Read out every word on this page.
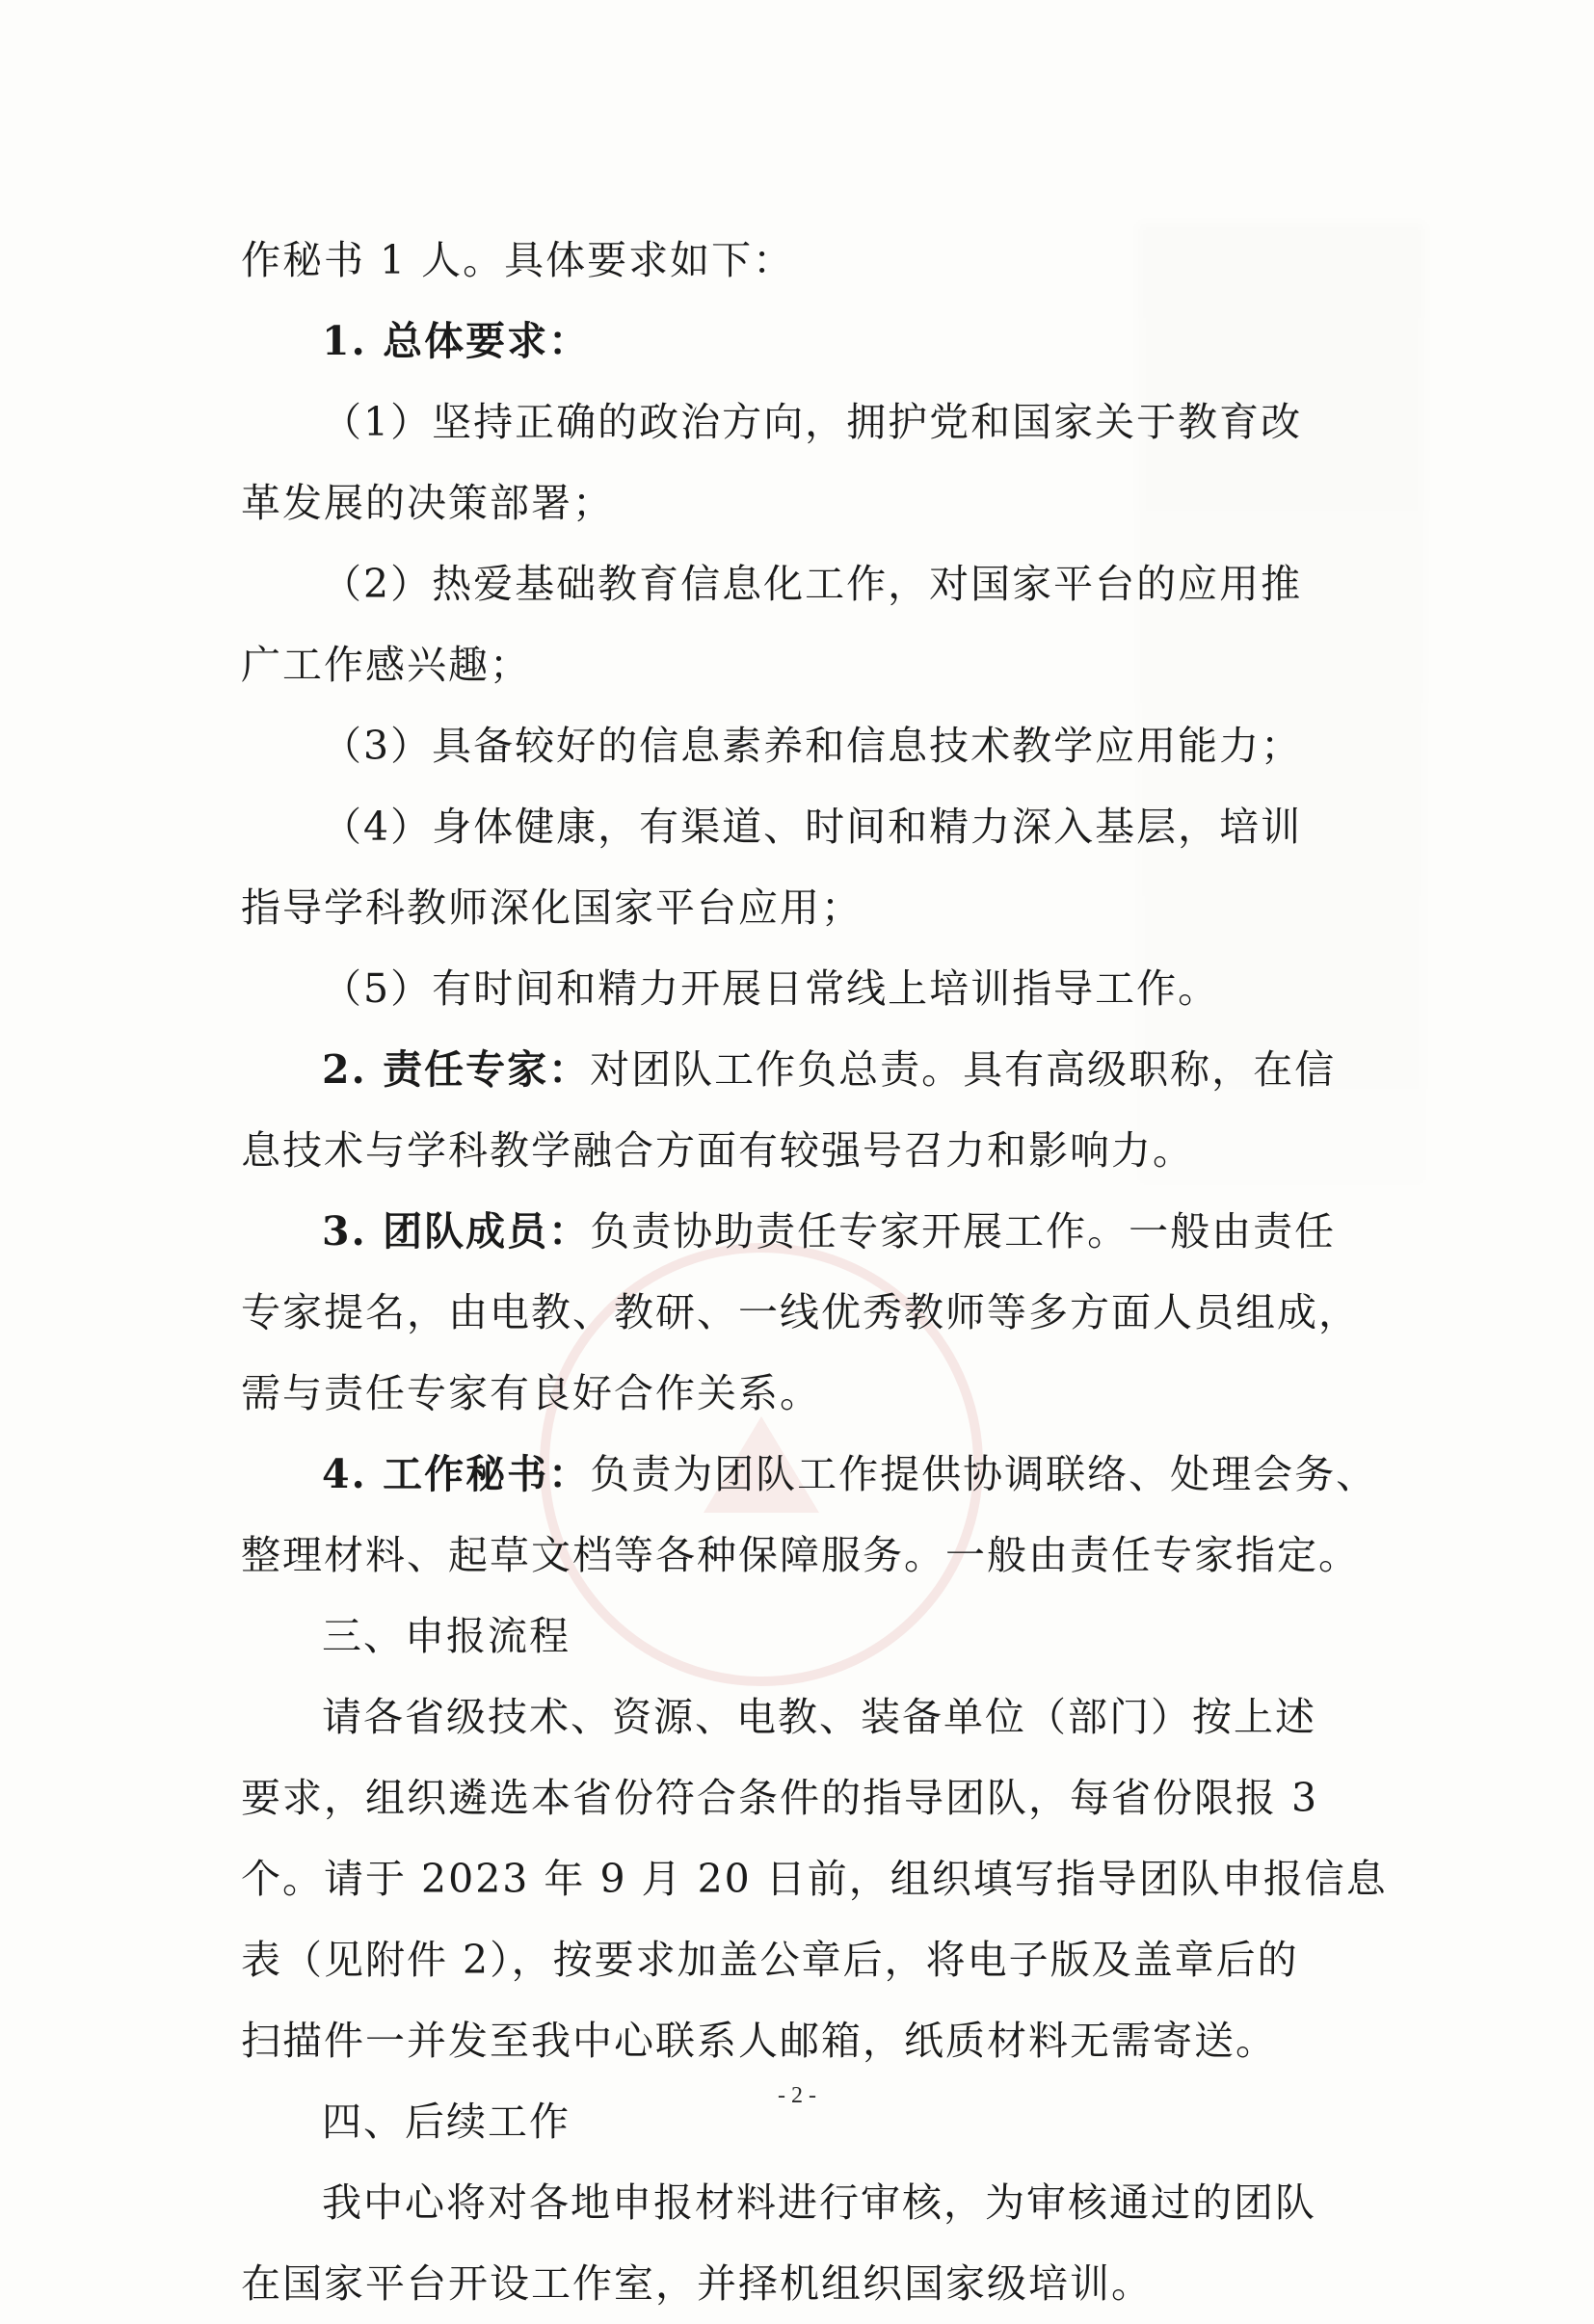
作秘书 1 人。具体要求如下：
1. 总体要求：
（1）坚持正确的政治方向，拥护党和国家关于教育改
革发展的决策部署；
（2）热爱基础教育信息化工作，对国家平台的应用推
广工作感兴趣；
（3）具备较好的信息素养和信息技术教学应用能力；
（4）身体健康，有渠道、时间和精力深入基层，培训
指导学科教师深化国家平台应用；
（5）有时间和精力开展日常线上培训指导工作。
2. 责任专家：对团队工作负总责。具有高级职称，在信
息技术与学科教学融合方面有较强号召力和影响力。
3. 团队成员：负责协助责任专家开展工作。一般由责任
专家提名，由电教、教研、一线优秀教师等多方面人员组成，
需与责任专家有良好合作关系。
4. 工作秘书：负责为团队工作提供协调联络、处理会务、
整理材料、起草文档等各种保障服务。一般由责任专家指定。
三、申报流程
请各省级技术、资源、电教、装备单位（部门）按上述
要求，组织遴选本省份符合条件的指导团队，每省份限报 3
个。请于 2023 年 9 月 20 日前，组织填写指导团队申报信息
表（见附件 2），按要求加盖公章后，将电子版及盖章后的
扫描件一并发至我中心联系人邮箱，纸质材料无需寄送。
四、后续工作
我中心将对各地申报材料进行审核，为审核通过的团队
在国家平台开设工作室，并择机组织国家级培训。
- 2 -
